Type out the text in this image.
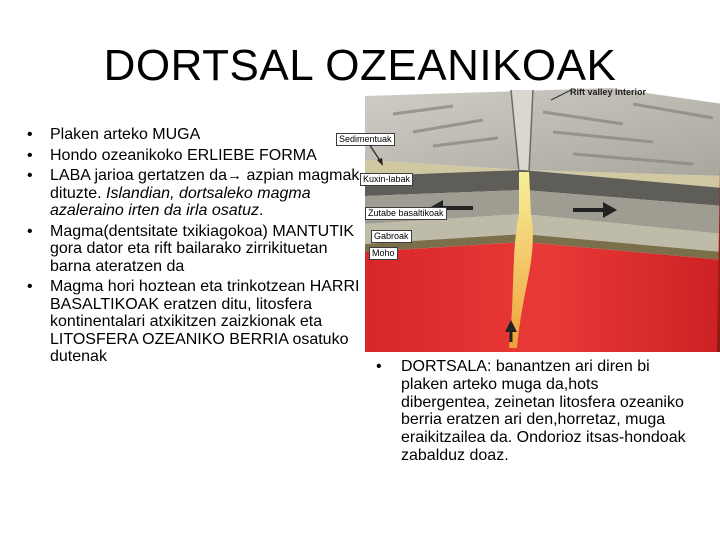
DORTSAL OZEANIKOAK
• Plaken arteko MUGA
• Hondo ozeanikoko ERLIEBE FORMA
• LABA jarioa gertatzen da→ azpian magmak dituzte. Islandian, dortsaleko magma azaleraino irten da irla osatuz.
• Magma(dentsitate txikiagokoa) MANTUTIK gora dator eta rift bailarako zirrikituetan barna ateratzen da
• Magma hori hoztean eta trinkotzean HARRI BASALTIKOAK eratzen ditu, litosfera kontinentalari atxikitzen zaizkionak eta LITOSFERA OZEANIKO BERRIA osatuko dutenak
• DORTSALA: banantzen ari diren bi plaken arteko muga da,hots dibergentea, zeinetan litosfera ozeaniko berria eratzen ari den,horretaz, muga eraikitzailea da. Ondorioz itsas-hondoak zabalduz doaz.
Rift valley interior
Sedimentuak
Kuxin-labak
Zutabe basaltikoak
Gabroak
Moho
